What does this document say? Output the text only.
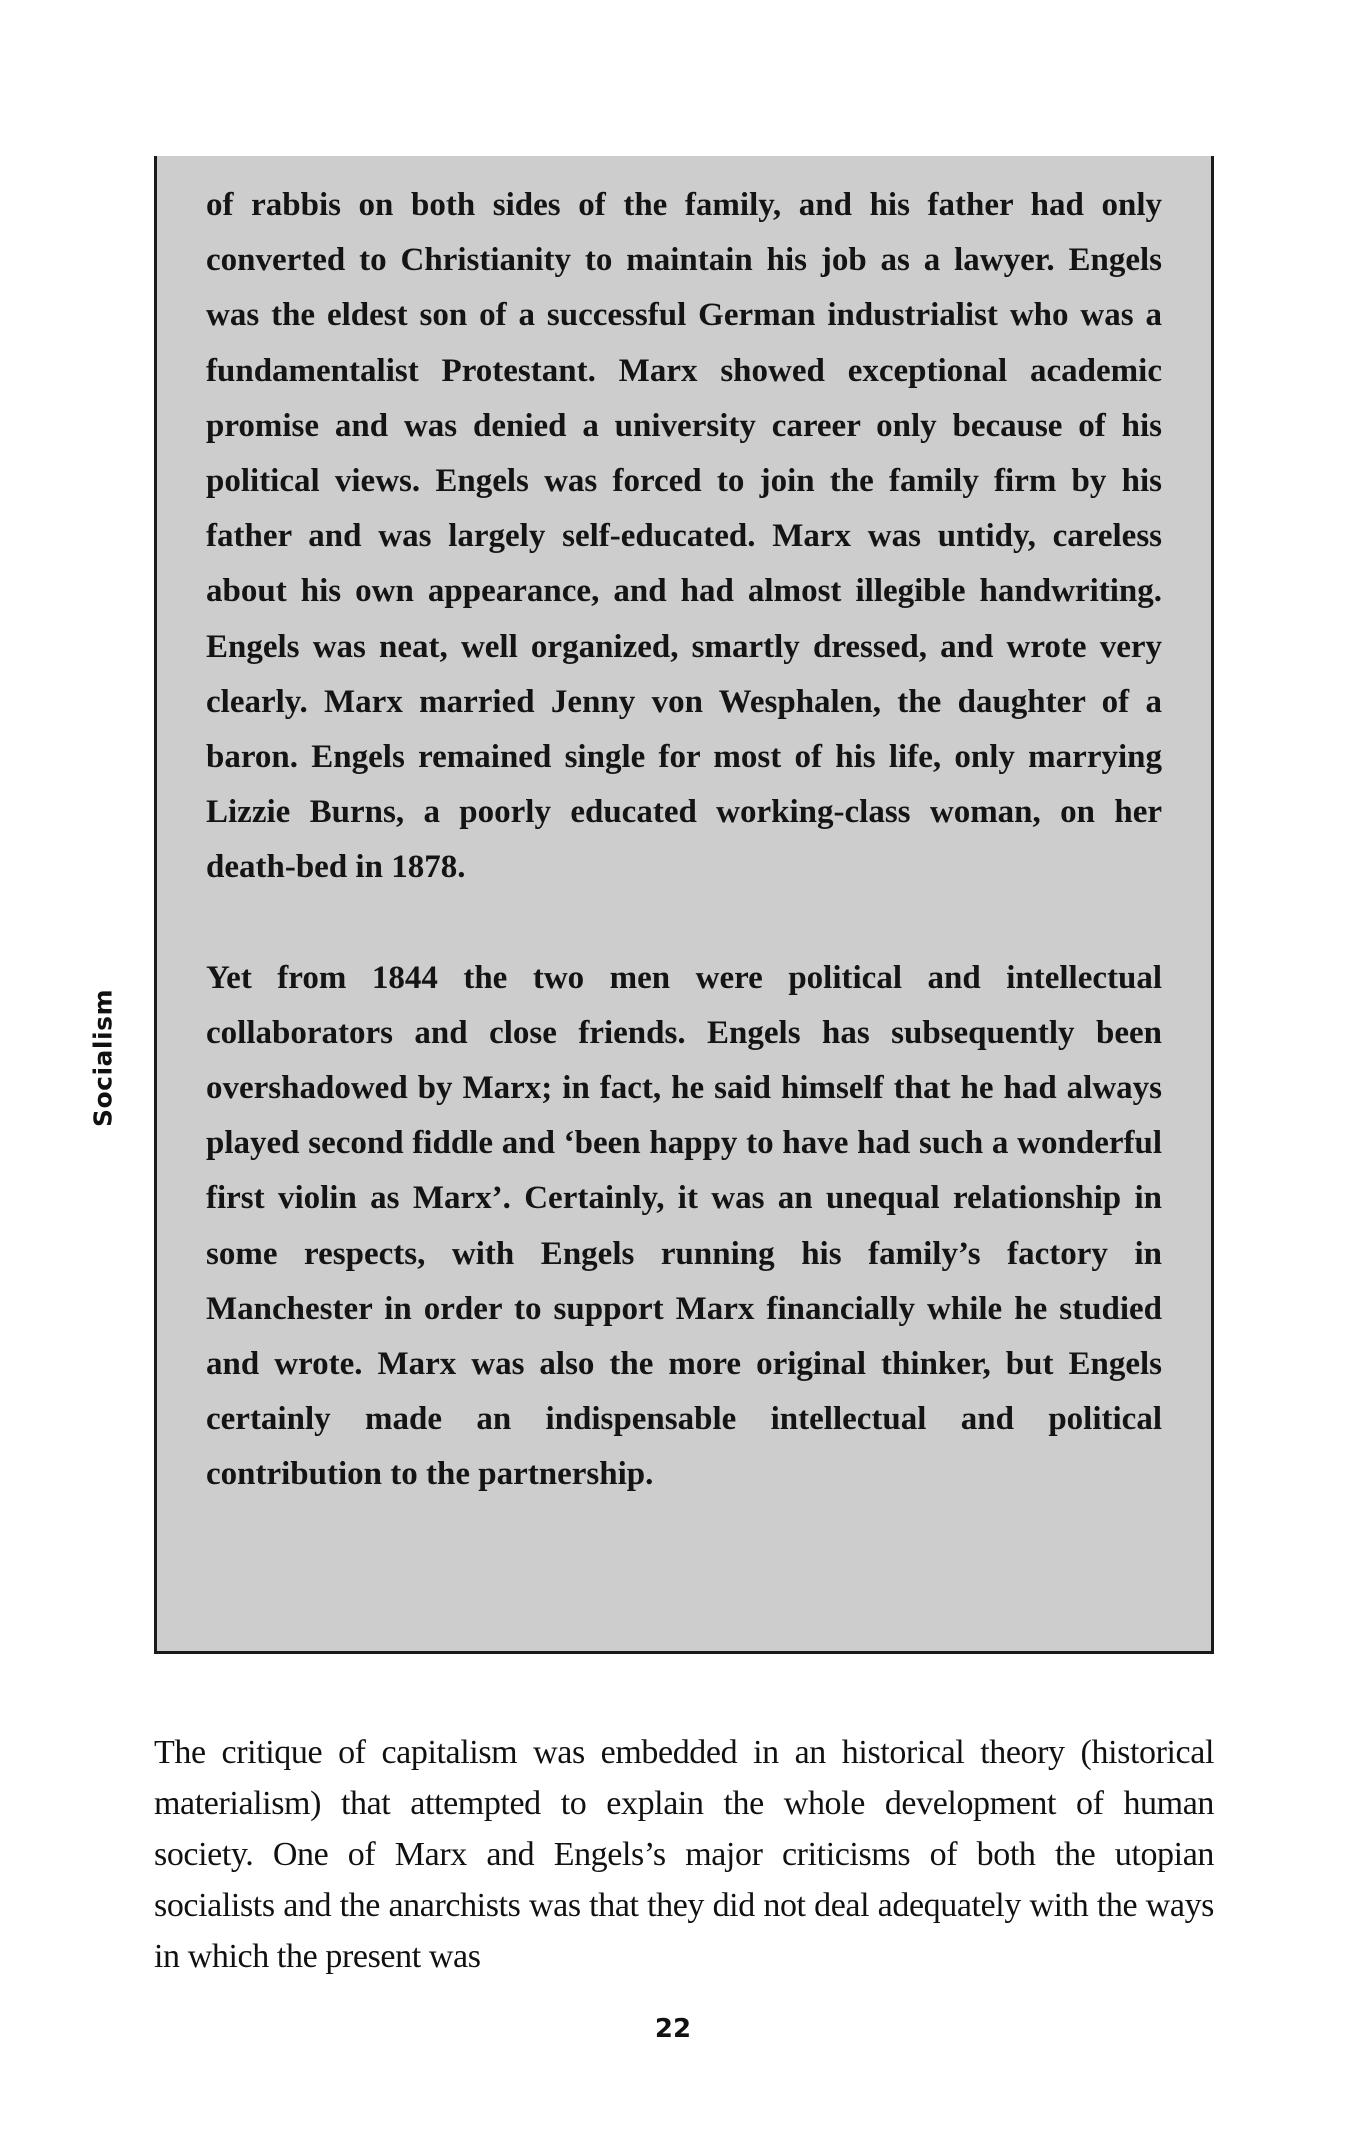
Socialism

of rabbis on both sides of the family, and his father had only converted to Christianity to maintain his job as a lawyer. Engels was the eldest son of a successful German industrialist who was a fundamentalist Protestant. Marx showed exceptional academic promise and was denied a university career only because of his political views. Engels was forced to join the family firm by his father and was largely self-educated. Marx was untidy, careless about his own appearance, and had almost illegible handwriting. Engels was neat, well organized, smartly dressed, and wrote very clearly. Marx married Jenny von Wesphalen, the daughter of a baron. Engels remained single for most of his life, only marrying Lizzie Burns, a poorly educated working-class woman, on her death-bed in 1878.

Yet from 1844 the two men were political and intellectual collaborators and close friends. Engels has subsequently been overshadowed by Marx; in fact, he said himself that he had always played second fiddle and ‘been happy to have had such a wonderful first violin as Marx’. Certainly, it was an unequal relationship in some respects, with Engels running his family’s factory in Manchester in order to support Marx financially while he studied and wrote. Marx was also the more original thinker, but Engels certainly made an indispensable intellectual and political contribution to the partnership.

The critique of capitalism was embedded in an historical theory (historical materialism) that attempted to explain the whole development of human society. One of Marx and Engels’s major criticisms of both the utopian socialists and the anarchists was that they did not deal adequately with the ways in which the present was

22
